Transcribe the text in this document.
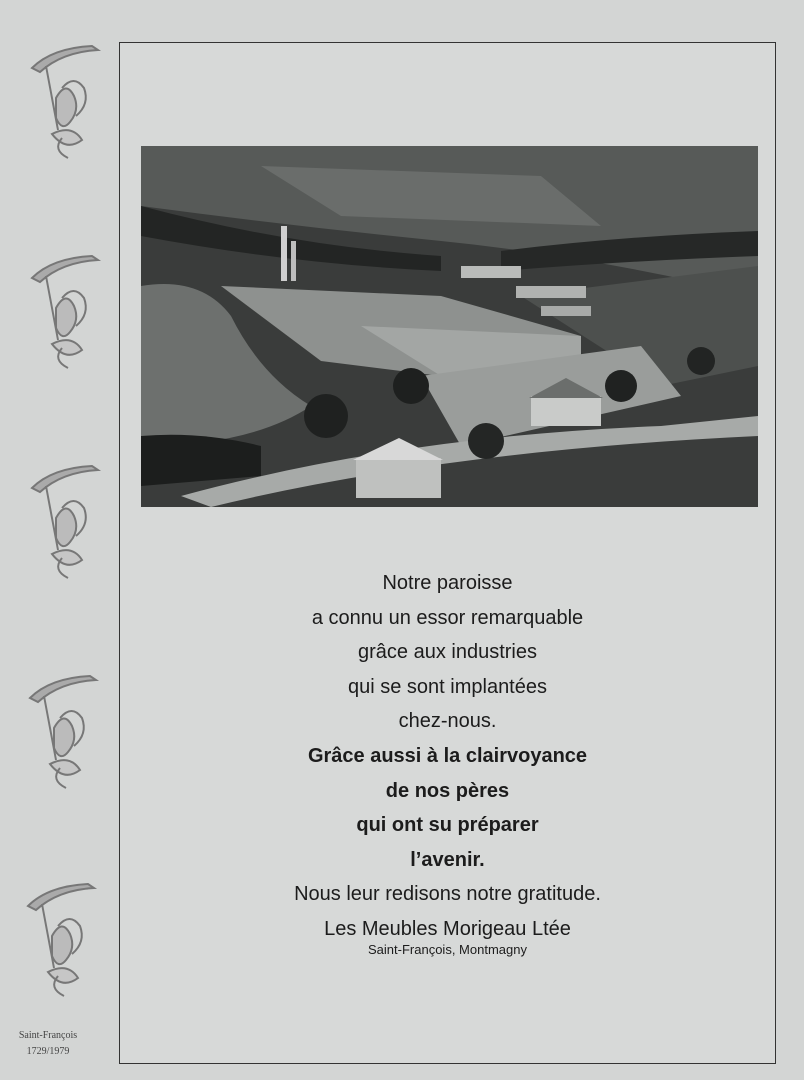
Saint-François
1729/1979
Notre paroisse
a connu un essor remarquable
grâce aux industries
qui se sont implantées
chez-nous.
Grâce aussi à la clairvoyance
de nos pères
qui ont su préparer
l’avenir.
Nous leur redisons notre gratitude.
Les Meubles Morigeau Ltée
Saint-François, Montmagny
